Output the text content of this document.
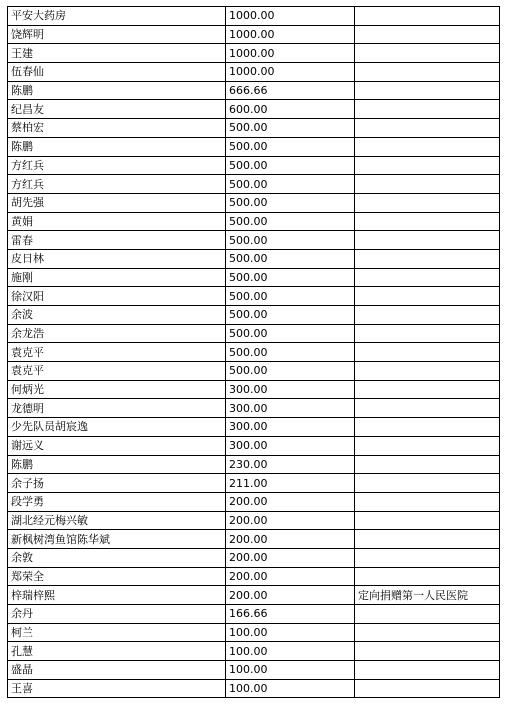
平安大药房	1000.00	
饶辉明	1000.00	
王建	1000.00	
伍春仙	1000.00	
陈鹏	666.66	
纪昌友	600.00	
蔡柏宏	500.00	
陈鹏	500.00	
方红兵	500.00	
方红兵	500.00	
胡先强	500.00	
黄娟	500.00	
雷春	500.00	
皮日林	500.00	
施刚	500.00	
徐汉阳	500.00	
余波	500.00	
余龙浩	500.00	
袁克平	500.00	
袁克平	500.00	
何炳光	300.00	
龙德明	300.00	
少先队员胡宸逸	300.00	
谢远义	300.00	
陈鹏	230.00	
余子扬	211.00	
段学勇	200.00	
湖北经元梅兴敏	200.00	
新枫树湾鱼馆陈华斌	200.00	
余敦	200.00	
郑荣全	200.00	
梓瑞梓熙	200.00	定向捐赠第一人民医院
余丹	166.66	
柯兰	100.00	
孔慧	100.00	
盛晶	100.00	
王喜	100.00	
